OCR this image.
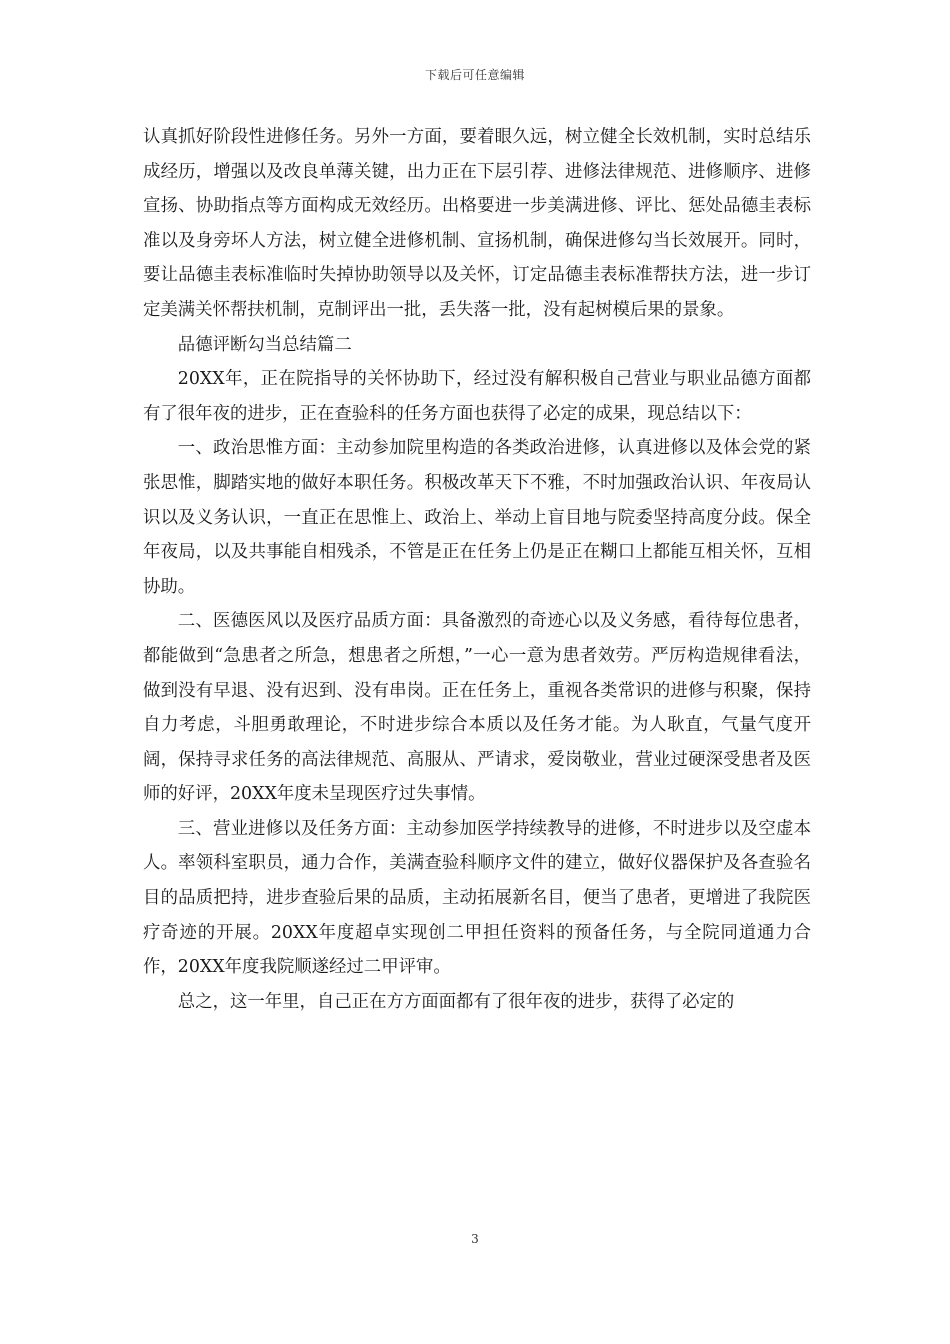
下载后可任意编辑

认真抓好阶段性进修任务。另外一方面，要着眼久远，树立健全长效机制，实时总结乐成经历，增强以及改良单薄关键，出力正在下层引荐、进修法律规范、进修顺序、进修宣扬、协助指点等方面构成无效经历。出格要进一步美满进修、评比、惩处品德圭表标准以及身旁坏人方法，树立健全进修机制、宣扬机制，确保进修勾当长效展开。同时，要让品德圭表标准临时失掉协助领导以及关怀，订定品德圭表标准帮扶方法，进一步订定美满关怀帮扶机制，克制评出一批，丢失落一批，没有起树模后果的景象。

品德评断勾当总结篇二

20XX年，正在院指导的关怀协助下，经过没有解积极自己营业与职业品德方面都有了很年夜的进步，正在查验科的任务方面也获得了必定的成果，现总结以下：

一、政治思惟方面：主动参加院里构造的各类政治进修，认真进修以及体会党的紧张思惟，脚踏实地的做好本职任务。积极改革天下不雅，不时加强政治认识、年夜局认识以及义务认识，一直正在思惟上、政治上、举动上盲目地与院委坚持高度分歧。保全年夜局，以及共事能自相残杀，不管是正在任务上仍是正在糊口上都能互相关怀，互相协助。

二、医德医风以及医疗品质方面：具备激烈的奇迹心以及义务感，看待每位患者，都能做到“急患者之所急，想患者之所想，”一心一意为患者效劳。严厉构造规律看法，做到没有早退、没有迟到、没有串岗。正在任务上，重视各类常识的进修与积聚，保持自力考虑，斗胆勇敢理论，不时进步综合本质以及任务才能。为人耿直，气量气度开阔，保持寻求任务的高法律规范、高服从、严请求，爱岗敬业，营业过硬深受患者及医师的好评，20XX年度未呈现医疗过失事情。

三、营业进修以及任务方面：主动参加医学持续教导的进修，不时进步以及空虚本人。率领科室职员，通力合作，美满查验科顺序文件的建立，做好仪器保护及各查验名目的品质把持，进步查验后果的品质，主动拓展新名目，便当了患者，更增进了我院医疗奇迹的开展。20XX年度超卓实现创二甲担任资料的预备任务，与全院同道通力合作，20XX年度我院顺遂经过二甲评审。

总之，这一年里，自己正在方方面面都有了很年夜的进步，获得了必定的

3
